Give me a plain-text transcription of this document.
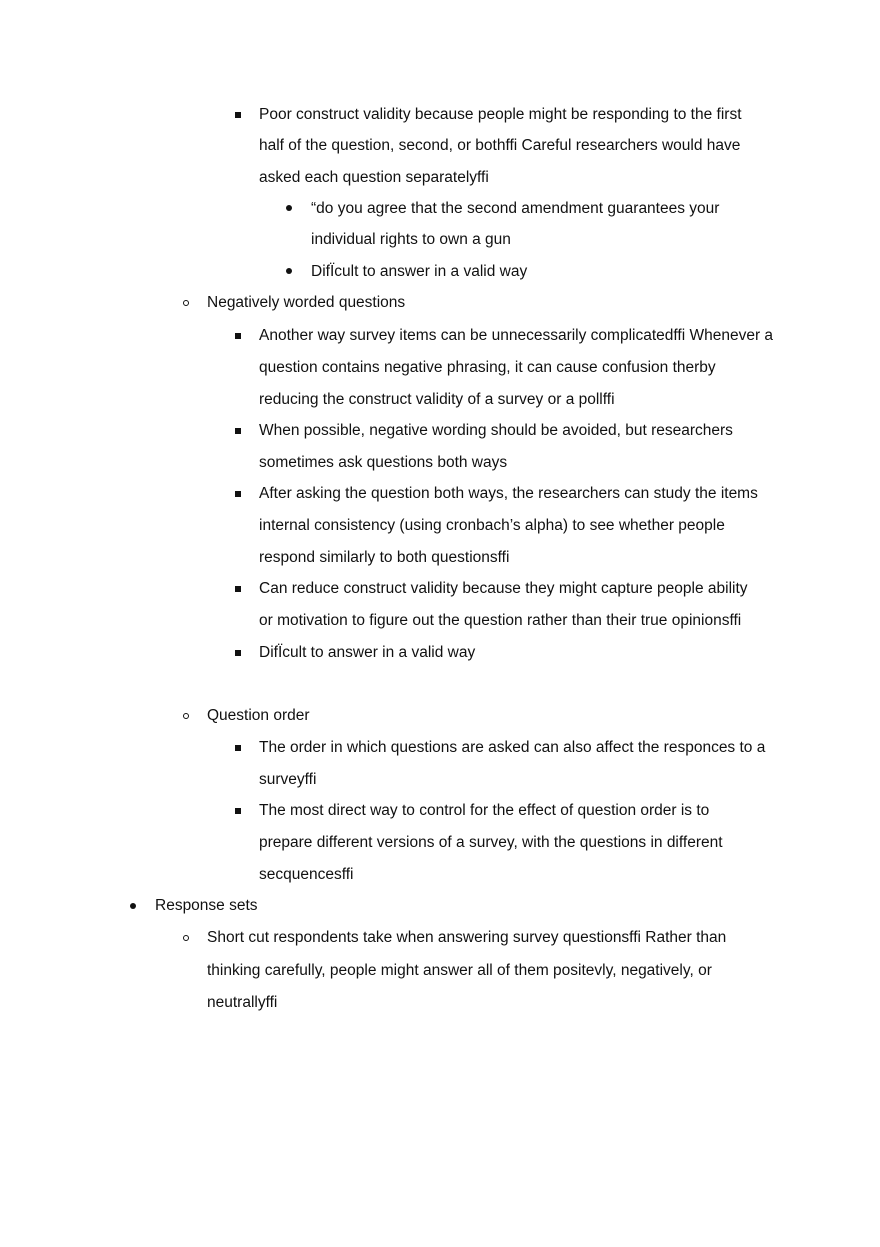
Poor construct validity because people might be responding to the first
half of the question, second, or bothffi Careful researchers would have
asked each question separatelyffi
“do you agree that the second amendment guarantees your
individual rights to own a gun
DifÏcult to answer in a valid way
Negatively worded questions
Another way survey items can be unnecessarily complicatedffi Whenever a
question contains negative phrasing, it can cause confusion therby
reducing the construct validity of a survey or a pollffi
When possible, negative wording should be avoided, but researchers
sometimes ask questions both ways
After asking the question both ways, the researchers can study the items
internal consistency (using cronbach’s alpha) to see whether people
respond similarly to both questionsffi
Can reduce construct validity because they might capture people ability
or motivation to figure out the question rather than their true opinionsffi
DifÏcult to answer in a valid way
Question order
The order in which questions are asked can also affect the responces to a
surveyffi
The most direct way to control for the effect of question order is to
prepare different versions of a survey, with the questions in different
secquencesffi
Response sets
Short cut respondents take when answering survey questionsffi Rather than
thinking carefully, people might answer all of them positevly, negatively, or
neutrallyffi
